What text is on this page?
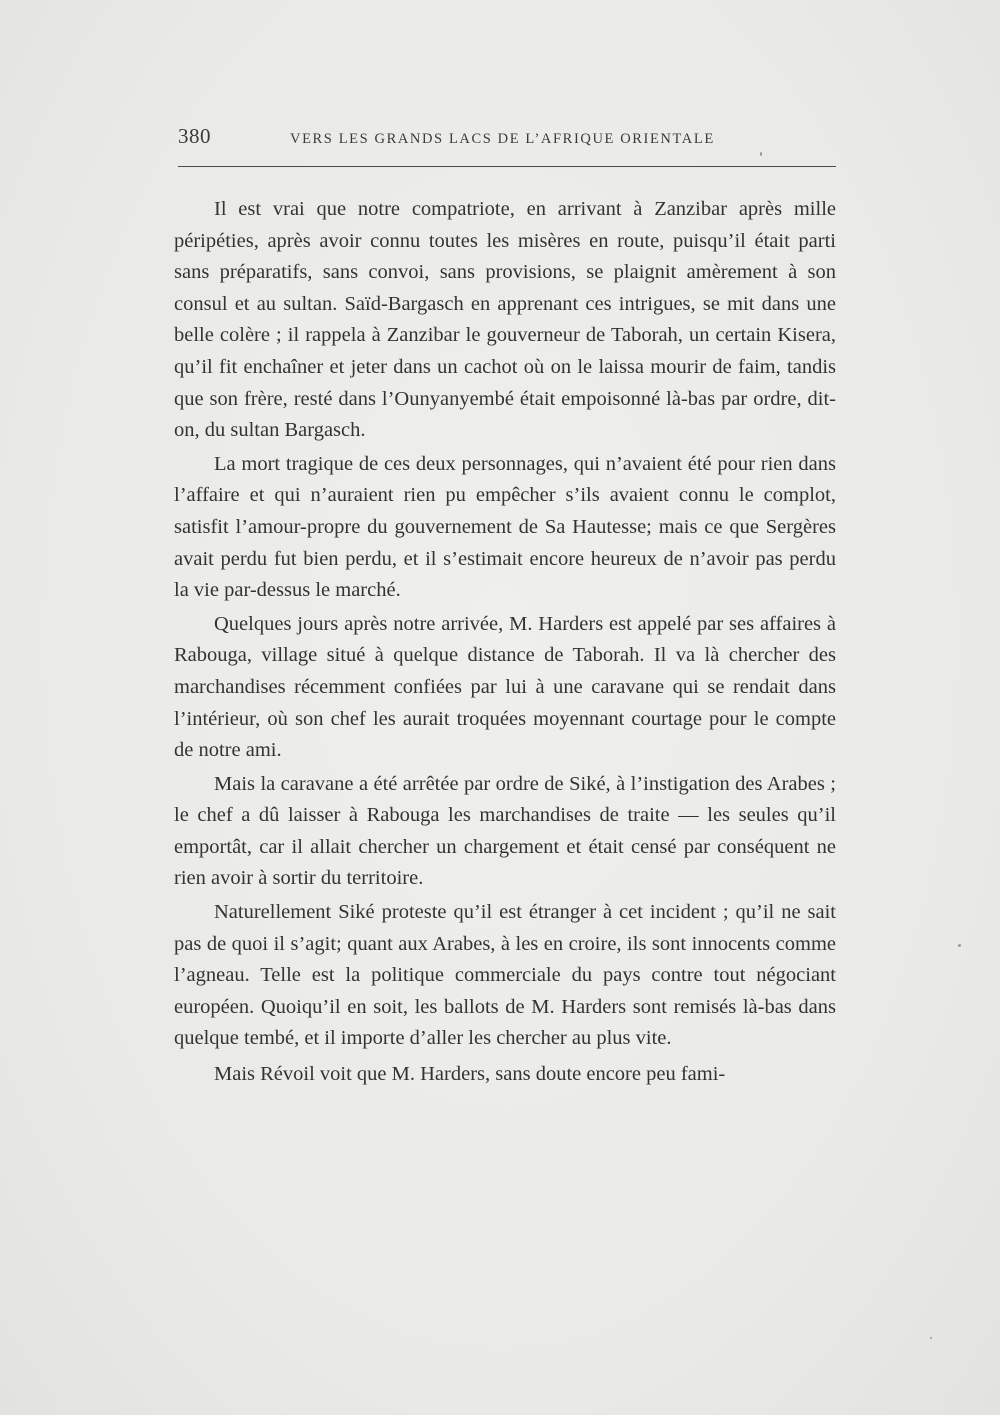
380	VERS LES GRANDS LACS DE L’AFRIQUE ORIENTALE

Il est vrai que notre compatriote, en arrivant à Zanzibar après mille péripéties, après avoir connu toutes les misères en route, puisqu’il était parti sans préparatifs, sans convoi, sans provisions, se plaignit amèrement à son consul et au sultan. Saïd-Bargasch en apprenant ces intrigues, se mit dans une belle colère ; il rappela à Zanzibar le gouverneur de Taborah, un certain Kisera, qu’il fit enchaîner et jeter dans un cachot où on le laissa mourir de faim, tandis que son frère, resté dans l’Ounyanyembé était empoisonné là-bas par ordre, dit-on, du sultan Bargasch.

La mort tragique de ces deux personnages, qui n’avaient été pour rien dans l’affaire et qui n’auraient rien pu empêcher s’ils avaient connu le complot, satisfit l’amour-propre du gouvernement de Sa Hautesse; mais ce que Sergères avait perdu fut bien perdu, et il s’estimait encore heureux de n’avoir pas perdu la vie par-dessus le marché.

Quelques jours après notre arrivée, M. Harders est appelé par ses affaires à Rabouga, village situé à quelque distance de Taborah. Il va là chercher des marchandises récemment confiées par lui à une caravane qui se rendait dans l’intérieur, où son chef les aurait troquées moyennant courtage pour le compte de notre ami.

Mais la caravane a été arrêtée par ordre de Siké, à l’instigation des Arabes ; le chef a dû laisser à Rabouga les marchandises de traite — les seules qu’il emportât, car il allait chercher un chargement et était censé par conséquent ne rien avoir à sortir du territoire.

Naturellement Siké proteste qu’il est étranger à cet incident ; qu’il ne sait pas de quoi il s’agit; quant aux Arabes, à les en croire, ils sont innocents comme l’agneau. Telle est la politique commerciale du pays contre tout négociant européen. Quoiqu’il en soit, les ballots de M. Harders sont remisés là-bas dans quelque tembé, et il importe d’aller les chercher au plus vite.

Mais Révoil voit que M. Harders, sans doute encore peu fami-
